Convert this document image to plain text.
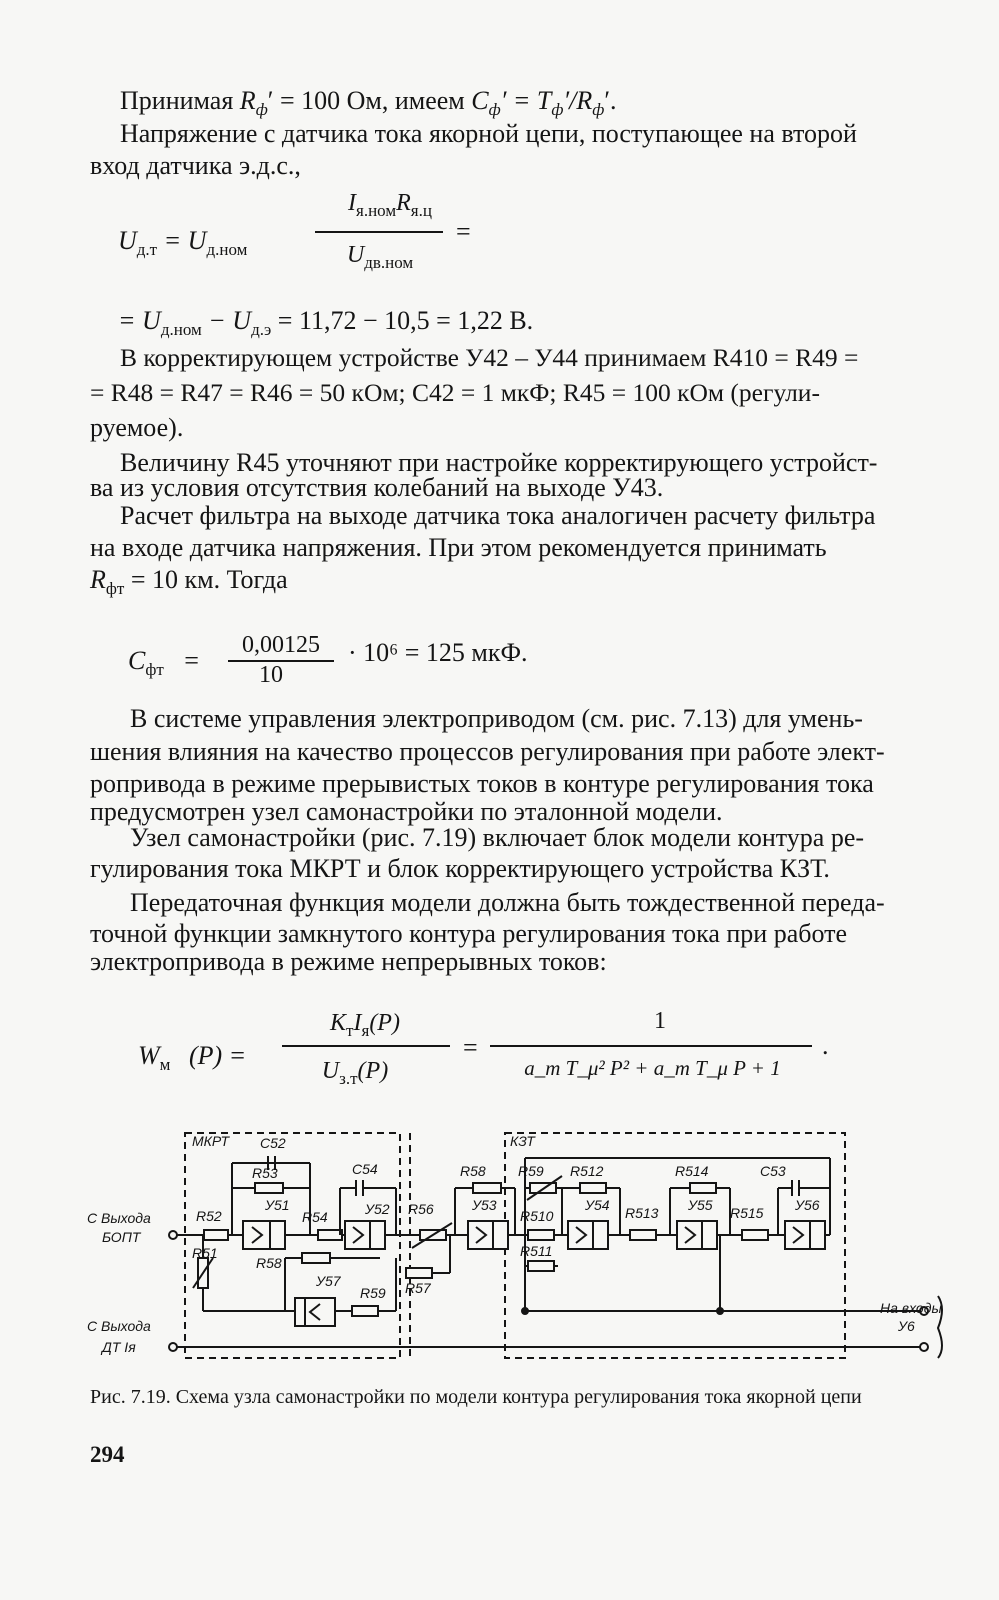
Принимая $R_ф' = 100$ Ом, имеем $C_ф' = T_ф'/R_ф'$.
Напряжение с датчика тока якорной цепи, поступающее на второй
вход датчика э.д.с.,
$U_{д.т} = U_{д.ном}$
$I_{я.ном}R_{я.ц}$
$U_{дв.ном}$
=
= $U_{д.ном} - U_{д.э} = 11,72 - 10,5 = 1,22$ В.
В корректирующем устройстве У42 – У44 принимаем R410 = R49 =
= R48 = R47 = R46 = 50 кОм; C42 = 1 мкФ; R45 = 100 кОм (регули-
руемое).
Величину R45 уточняют при настройке корректирующего устройст-
ва из условия отсутствия колебаний на выходе У43.
Расчет фильтра на выходе датчика тока аналогичен расчету фильтра
на входе датчика напряжения. При этом рекомендуется принимать
$R_{фт} = 10$ км. Тогда
$C_{фт}$ =
0,00125
10
· 10⁶ = 125 мкФ.
В системе управления электроприводом (см. рис. 7.13) для умень-
шения влияния на качество процессов регулирования при работе элект-
ропривода в режиме прерывистых токов в контуре регулирования тока
предусмотрен узел самонастройки по эталонной модели.
Узел самонастройки (рис. 7.19) включает блок модели контура ре-
гулирования тока МКРТ и блок корректирующего устройства КЗТ.
Передаточная функция модели должна быть тождественной переда-
точной функции замкнутого контура регулирования тока при работе
электропривода в режиме непрерывных токов:
$W_м$ (P) =
$K_тI_я(P)$
$U_{з.т}(P)$
=
1
a_т T_μ² P² + a_т T_μ P + 1
.
МКРТ	КЗТ
С Выхода
БОПТ
С Выхода
ДТ Iя
На входы
У6
C52
R53
У51
C54
R52	R54	У52
R51
R58
У57
R59
R56
R57
R58
У53
R59 R512	R514	C53
R510
У54 R513 У55 R515 У56
R511
Рис. 7.19. Схема узла самонастройки по модели контура регулирования тока якорной цепи
294
